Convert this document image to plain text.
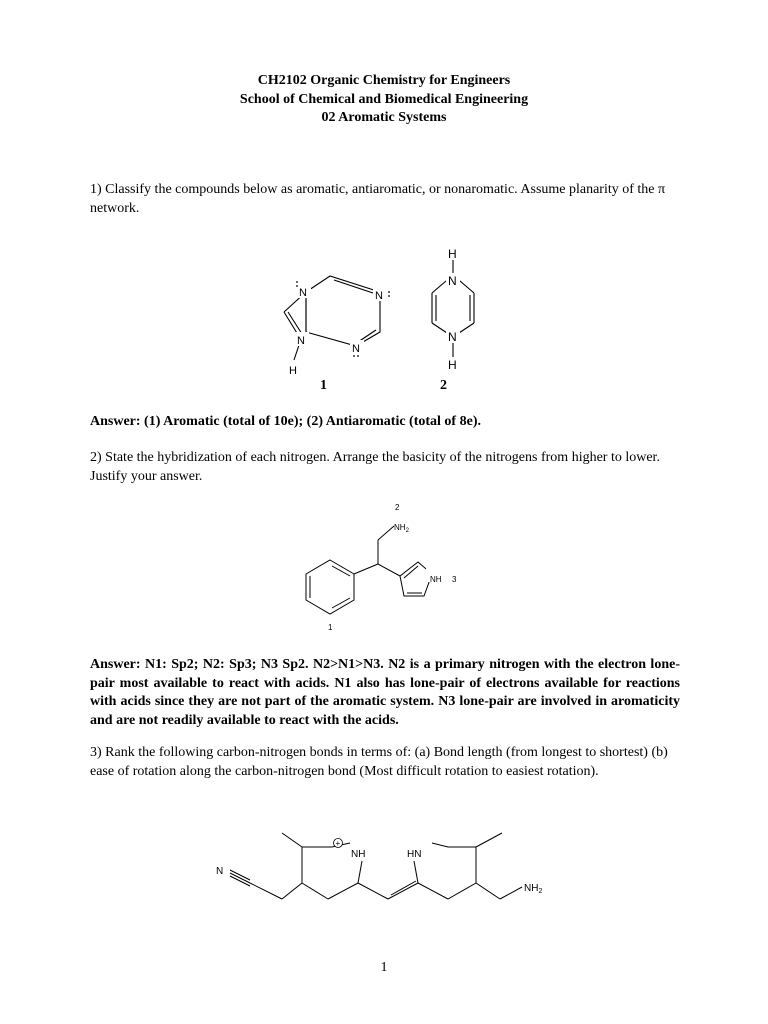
CH2102 Organic Chemistry for Engineers
School of Chemical and Biomedical Engineering
02 Aromatic Systems
1) Classify the compounds below as aromatic, antiaromatic, or nonaromatic. Assume planarity of the π network.
N	N
N
N
H
H
N
N
H
1	2
Answer: (1) Aromatic (total of 10e); (2) Antiaromatic (total of 8e).
2) State the hybridization of each nitrogen. Arrange the basicity of the nitrogens from higher to lower. Justify your answer.
2
$NH_2$
NH 3
1
Answer: N1: Sp2; N2: Sp3; N3 Sp2. N2>N1>N3. N2 is a primary nitrogen with the electron lone-pair most available to react with acids. N1 also has lone-pair of electrons available for reactions with acids since they are not part of the aromatic system. N3 lone-pair are involved in aromaticity and are not readily available to react with the acids.
3) Rank the following carbon-nitrogen bonds in terms of: (a) Bond length (from longest to shortest) (b) ease of rotation along the carbon-nitrogen bond (Most difficult rotation to easiest rotation).
+
N
NH	HN
$NH_2$
1
